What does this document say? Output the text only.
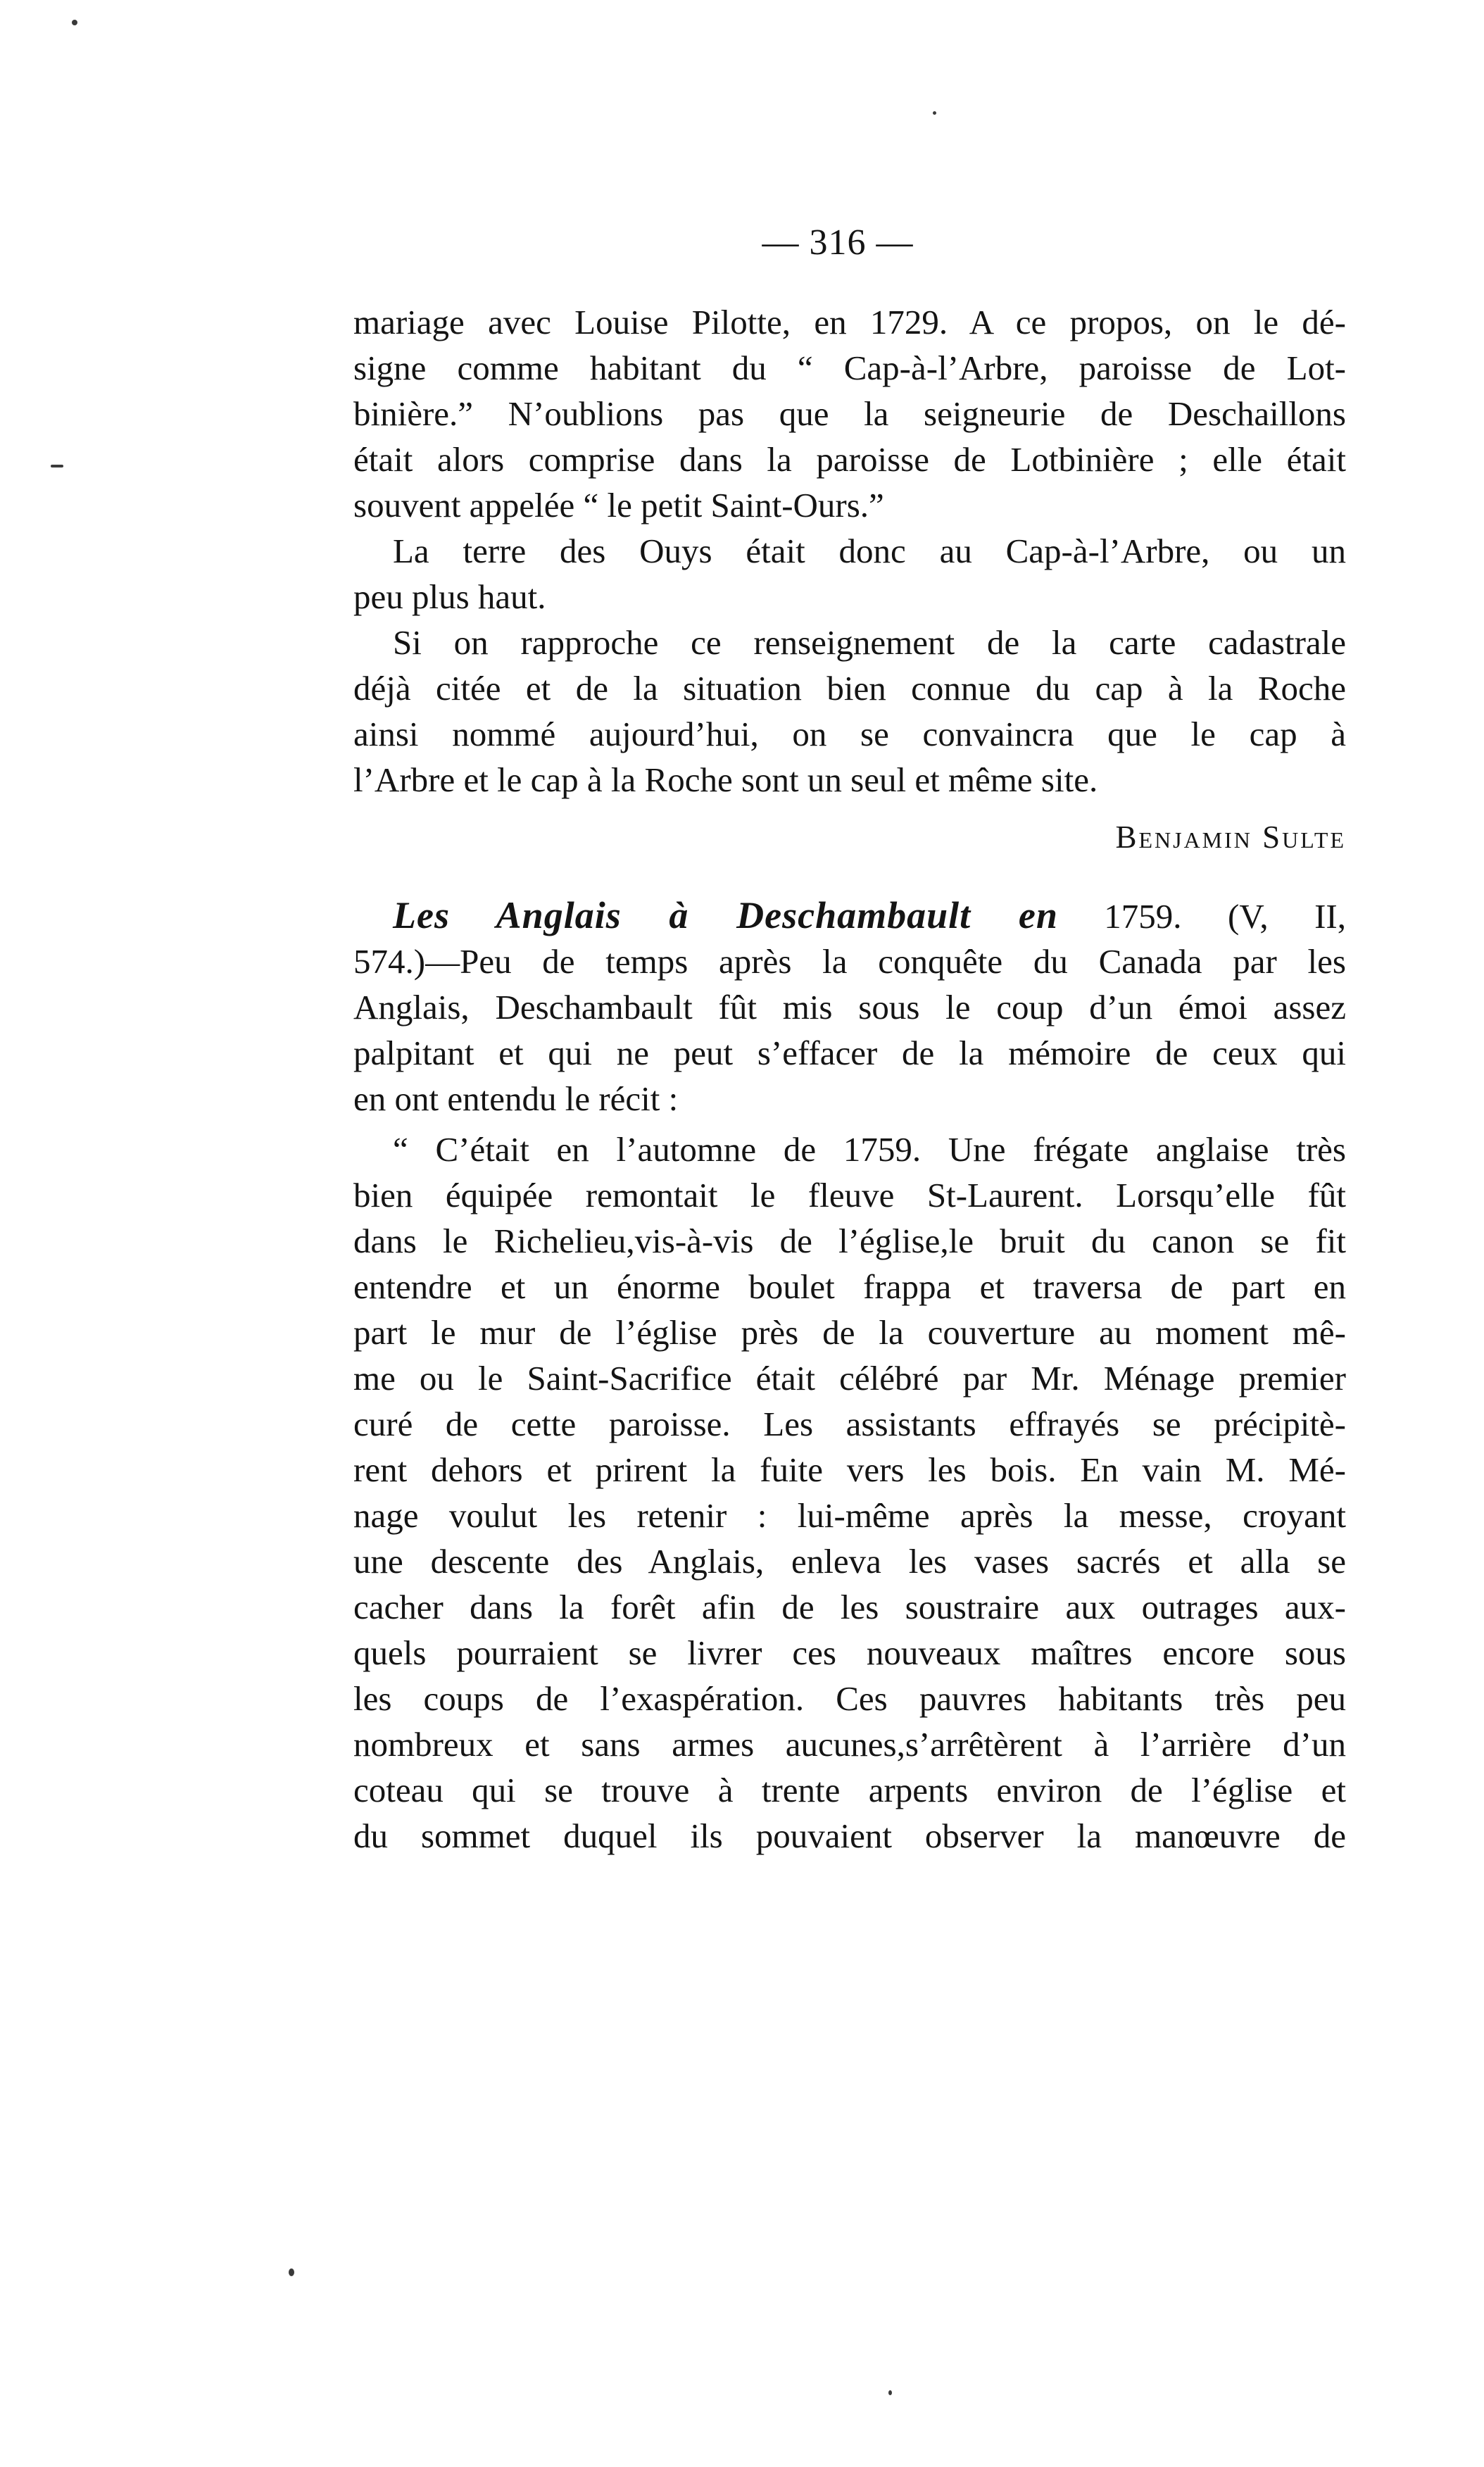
— 316 —
mariage avec Louise Pilotte, en 1729. A ce propos, on le dé-
signe comme habitant du “ Cap-à-l’Arbre, paroisse de Lot-
binière.” N’oublions pas que la seigneurie de Deschaillons
était alors comprise dans la paroisse de Lotbinière ; elle était
souvent appelée “ le petit Saint-Ours.”
La terre des Ouys était donc au Cap-à-l’Arbre, ou un
peu plus haut.
Si on rapproche ce renseignement de la carte cadastrale
déjà citée et de la situation bien connue du cap à la Roche
ainsi nommé aujourd’hui, on se convaincra que le cap à
l’Arbre et le cap à la Roche sont un seul et même site.
Benjamin Sulte
Les Anglais à Deschambault en 1759. (V, II,
574.)—Peu de temps après la conquête du Canada par les
Anglais, Deschambault fût mis sous le coup d’un émoi assez
palpitant et qui ne peut s’effacer de la mémoire de ceux qui
en ont entendu le récit :
“ C’était en l’automne de 1759. Une frégate anglaise très
bien équipée remontait le fleuve St-Laurent. Lorsqu’elle fût
dans le Richelieu,vis-à-vis de l’église,le bruit du canon se fit
entendre et un énorme boulet frappa et traversa de part en
part le mur de l’église près de la couverture au moment mê-
me ou le Saint-Sacrifice était célébré par Mr. Ménage premier
curé de cette paroisse. Les assistants effrayés se précipitè-
rent dehors et prirent la fuite vers les bois. En vain M. Mé-
nage voulut les retenir : lui-même après la messe, croyant
une descente des Anglais, enleva les vases sacrés et alla se
cacher dans la forêt afin de les soustraire aux outrages aux-
quels pourraient se livrer ces nouveaux maîtres encore sous
les coups de l’exaspération. Ces pauvres habitants très peu
nombreux et sans armes aucunes,s’arrêtèrent à l’arrière d’un
coteau qui se trouve à trente arpents environ de l’église et
du sommet duquel ils pouvaient observer la manœuvre de
